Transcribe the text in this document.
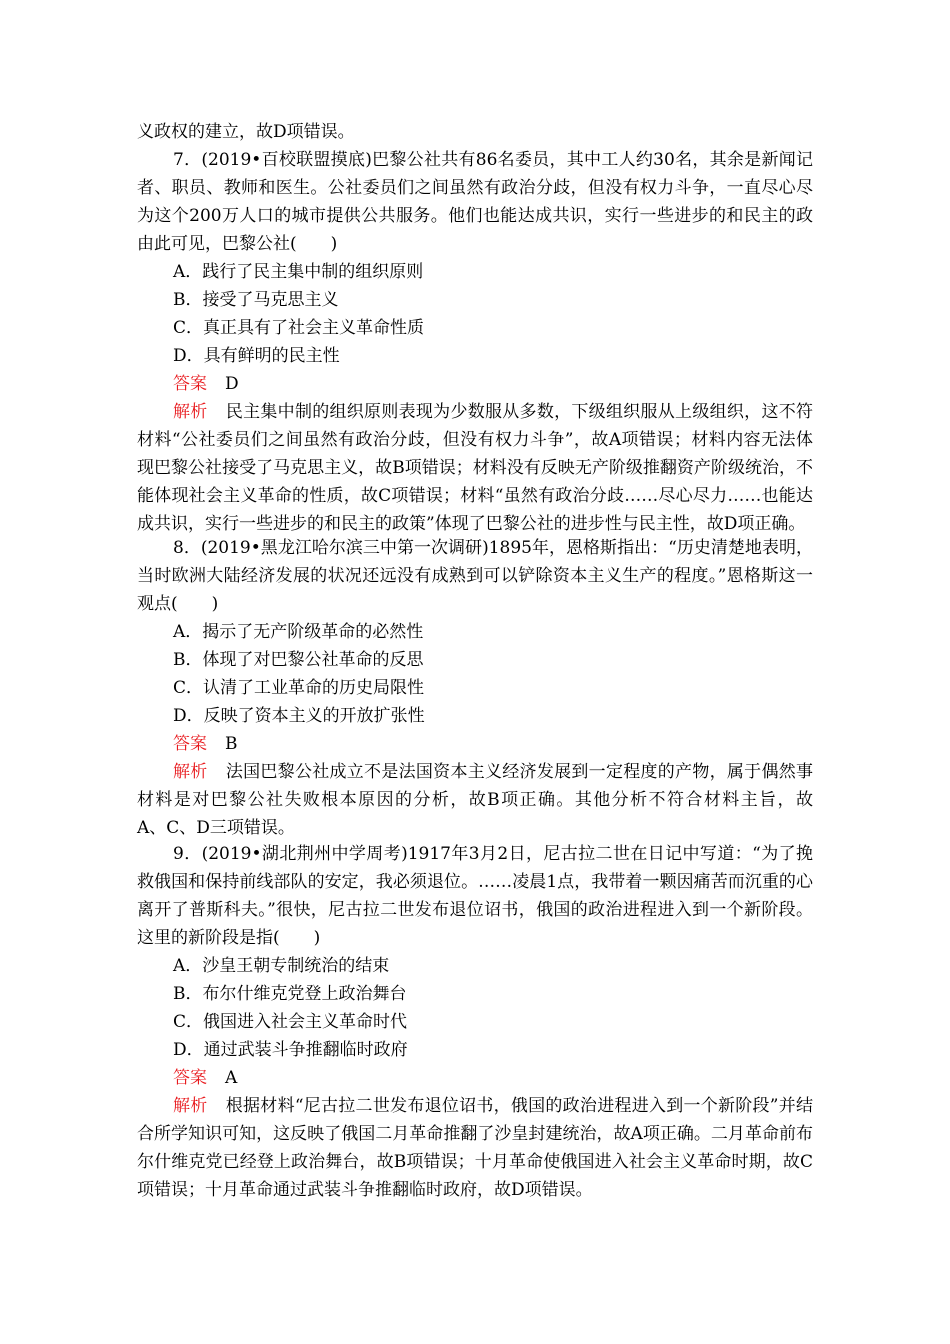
义政权的建立，故D项错误。
7．(2019•百校联盟摸底)巴黎公社共有86名委员，其中工人约30名，其余是新闻记
者、职员、教师和医生。公社委员们之间虽然有政治分歧，但没有权力斗争，一直尽心尽
为这个200万人口的城市提供公共服务。他们也能达成共识，实行一些进步的和民主的政
由此可见，巴黎公社(　　)
A．践行了民主集中制的组织原则
B．接受了马克思主义
C．真正具有了社会主义革命性质
D．具有鲜明的民主性
答案 D
解析 民主集中制的组织原则表现为少数服从多数，下级组织服从上级组织，这不符
材料“公社委员们之间虽然有政治分歧，但没有权力斗争”，故A项错误；材料内容无法体
现巴黎公社接受了马克思主义，故B项错误；材料没有反映无产阶级推翻资产阶级统治，不
能体现社会主义革命的性质，故C项错误；材料“虽然有政治分歧……尽心尽力……也能达
成共识，实行一些进步的和民主的政策”体现了巴黎公社的进步性与民主性，故D项正确。
8．(2019•黑龙江哈尔滨三中第一次调研)1895年，恩格斯指出：“历史清楚地表明，
当时欧洲大陆经济发展的状况还远没有成熟到可以铲除资本主义生产的程度。”恩格斯这一
观点(　　)
A．揭示了无产阶级革命的必然性
B．体现了对巴黎公社革命的反思
C．认清了工业革命的历史局限性
D．反映了资本主义的开放扩张性
答案 B
解析 法国巴黎公社成立不是法国资本主义经济发展到一定程度的产物，属于偶然事
材料是对巴黎公社失败根本原因的分析，故B项正确。其他分析不符合材料主旨，故
A、C、D三项错误。
9．(2019•湖北荆州中学周考)1917年3月2日，尼古拉二世在日记中写道：“为了挽
救俄国和保持前线部队的安定，我必须退位。……凌晨1点，我带着一颗因痛苦而沉重的心
离开了普斯科夫。”很快，尼古拉二世发布退位诏书，俄国的政治进程进入到一个新阶段。
这里的新阶段是指(　　)
A．沙皇王朝专制统治的结束
B．布尔什维克党登上政治舞台
C．俄国进入社会主义革命时代
D．通过武装斗争推翻临时政府
答案 A
解析 根据材料“尼古拉二世发布退位诏书，俄国的政治进程进入到一个新阶段”并结
合所学知识可知，这反映了俄国二月革命推翻了沙皇封建统治，故A项正确。二月革命前布
尔什维克党已经登上政治舞台，故B项错误；十月革命使俄国进入社会主义革命时期，故C
项错误；十月革命通过武装斗争推翻临时政府，故D项错误。
